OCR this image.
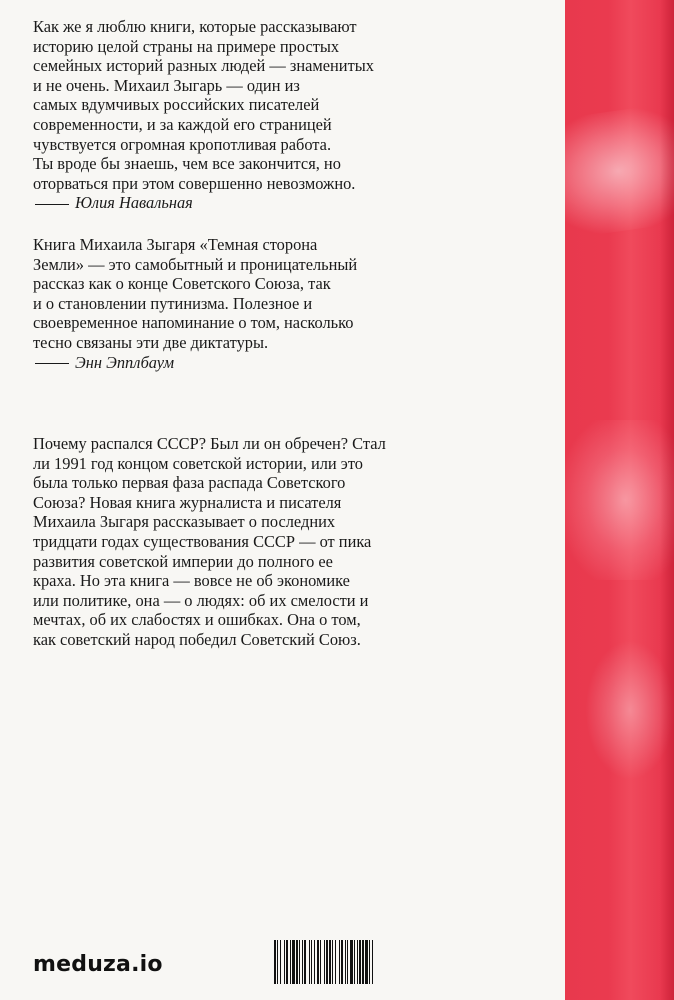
Как же я люблю книги, которые рассказывают

историю целой страны на примере простых

семейных историй разных людей — знаменитых

и не очень. Михаил Зыгарь — один из

самых вдумчивых российских писателей

современности, и за каждой его страницей

чувствуется огромная кропотливая работа.

Ты вроде бы знаешь, чем все закончится, но

оторваться при этом совершенно невозможно.

Юлия Навальная

Книга Михаила Зыгаря «Темная сторона

Земли» — это самобытный и проницательный

рассказ как о конце Советского Союза, так

и о становлении путинизма. Полезное и

своевременное напоминание о том, насколько

тесно связаны эти две диктатуры.

Энн Эпплбаум

Почему распался СССР? Был ли он обречен? Стал

ли 1991 год концом советской истории, или это

была только первая фаза распада Советского

Союза? Новая книга журналиста и писателя

Михаила Зыгаря рассказывает о последних

тридцати годах существования СССР — от пика

развития советской империи до полного ее

краха. Но эта книга — вовсе не об экономике

или политике, она — о людях: об их смелости и

мечтах, об их слабостях и ошибках. Она о том,

как советский народ победил Советский Союз.

meduza.io
